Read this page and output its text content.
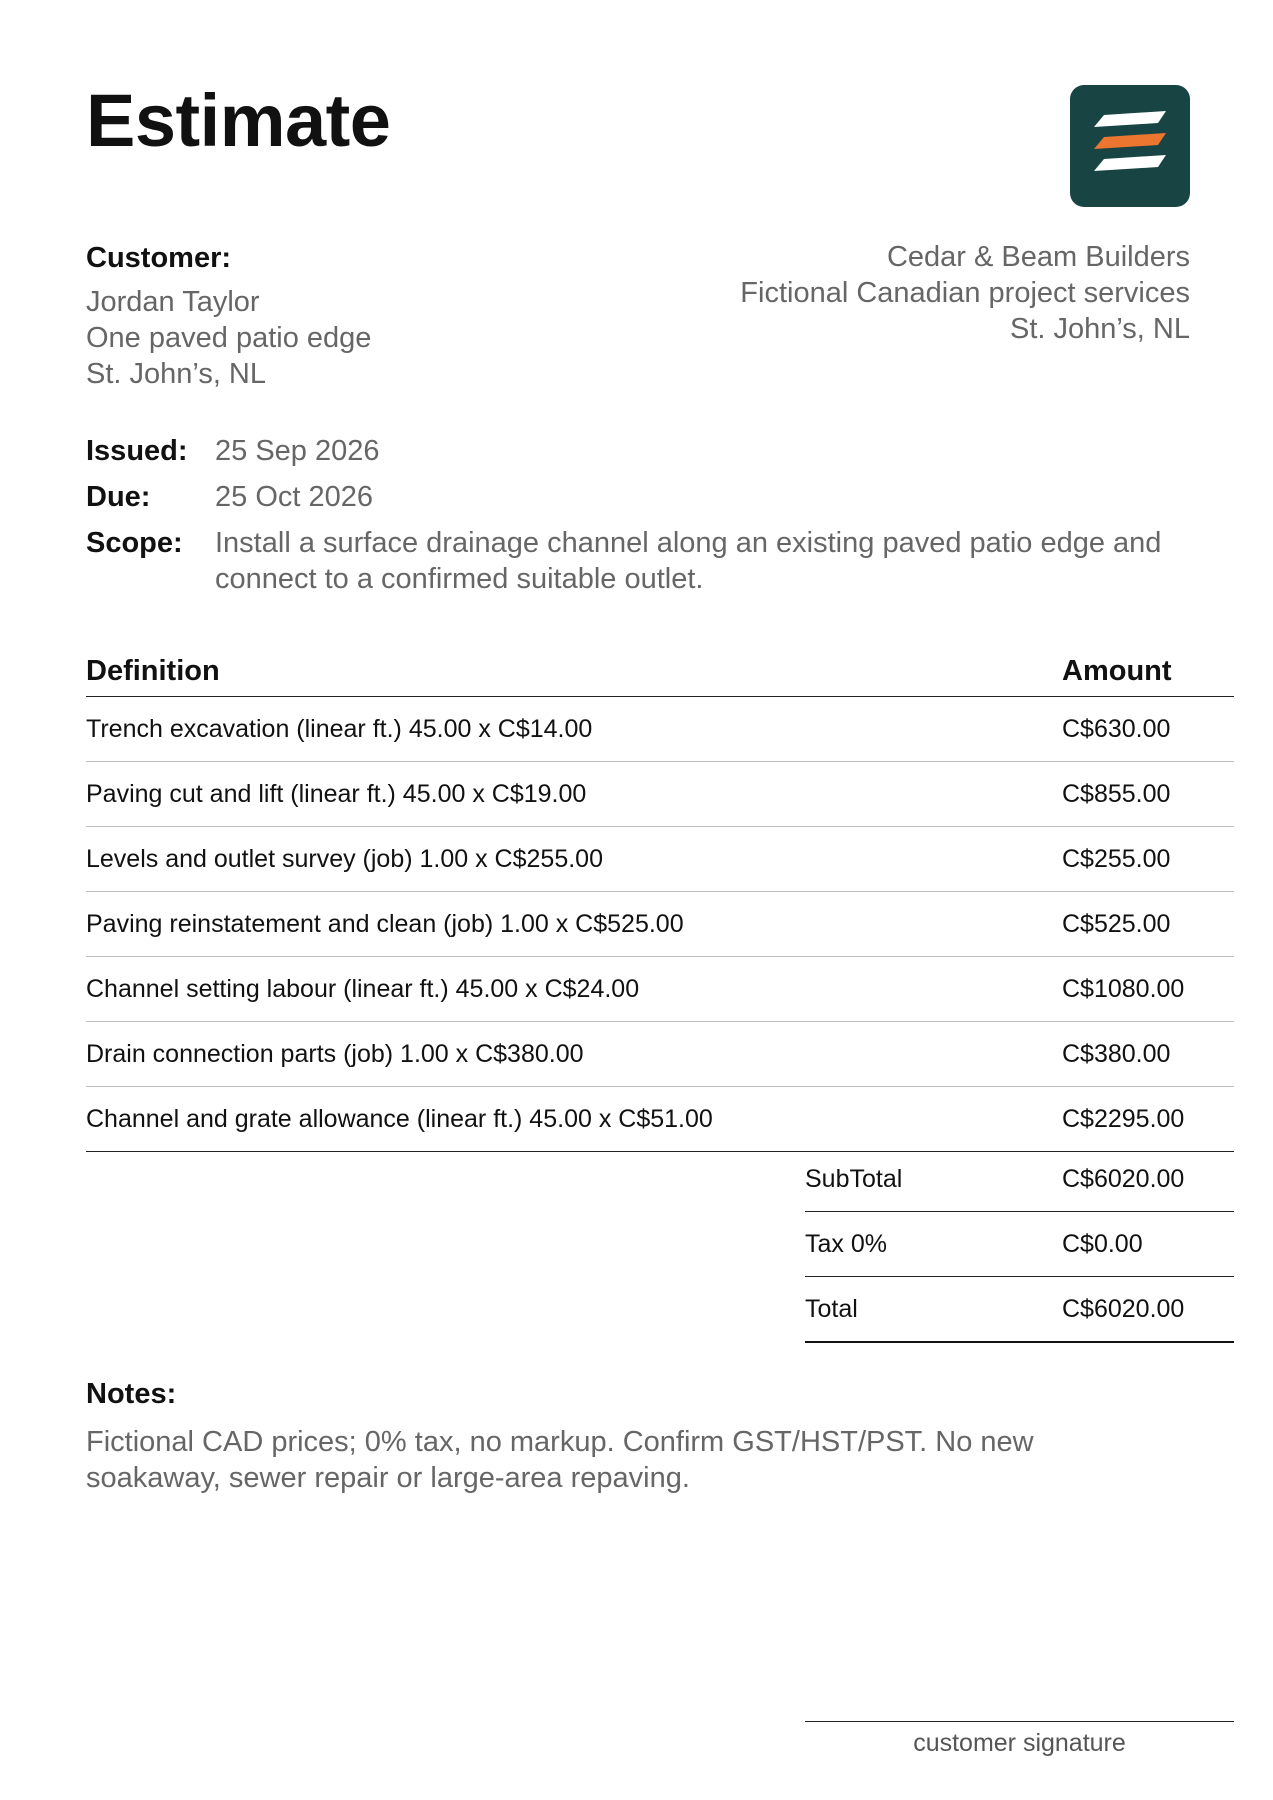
Estimate
Customer:
Jordan Taylor
One paved patio edge
St. John’s, NL
Cedar & Beam Builders
Fictional Canadian project services
St. John’s, NL
Issued: 25 Sep 2026
Due:	25 Oct 2026
Scope:	Install a surface drainage channel along an existing paved patio edge and connect to a confirmed suitable outlet.
Definition	Amount
Trench excavation (linear ft.) 45.00 x C$14.00	C$630.00
Paving cut and lift (linear ft.) 45.00 x C$19.00	C$855.00
Levels and outlet survey (job) 1.00 x C$255.00	C$255.00
Paving reinstatement and clean (job) 1.00 x C$525.00	C$525.00
Channel setting labour (linear ft.) 45.00 x C$24.00	C$1080.00
Drain connection parts (job) 1.00 x C$380.00	C$380.00
Channel and grate allowance (linear ft.) 45.00 x C$51.00	C$2295.00
SubTotal	C$6020.00
Tax 0%	C$0.00
Total	C$6020.00
Notes:
Fictional CAD prices; 0% tax, no markup. Confirm GST/HST/PST. No new soakaway, sewer repair or large-area repaving.
customer signature
